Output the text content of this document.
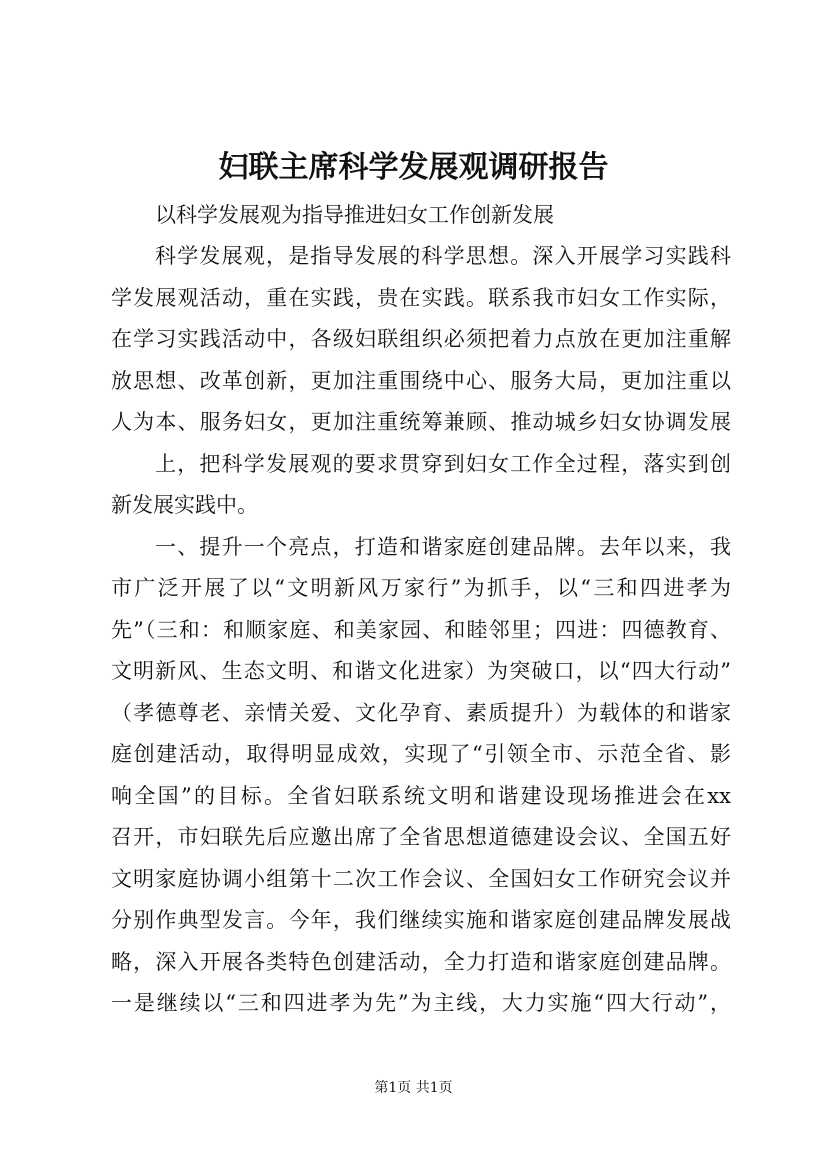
妇联主席科学发展观调研报告
以科学发展观为指导推进妇女工作创新发展
科学发展观，是指导发展的科学思想。深入开展学习实践科
学发展观活动，重在实践，贵在实践。联系我市妇女工作实际，
在学习实践活动中，各级妇联组织必须把着力点放在更加注重解
放思想、改革创新，更加注重围绕中心、服务大局，更加注重以
人为本、服务妇女，更加注重统筹兼顾、推动城乡妇女协调发展
上，把科学发展观的要求贯穿到妇女工作全过程，落实到创
新发展实践中。
一、提升一个亮点，打造和谐家庭创建品牌。去年以来，我
市广泛开展了以“文明新风万家行”为抓手，以“三和四进孝为
先”（三和：和顺家庭、和美家园、和睦邻里；四进：四德教育、
文明新风、生态文明、和谐文化进家）为突破口，以“四大行动”
（孝德尊老、亲情关爱、文化孕育、素质提升）为载体的和谐家
庭创建活动，取得明显成效，实现了“引领全市、示范全省、影
响全国”的目标。全省妇联系统文明和谐建设现场推进会在xx
召开，市妇联先后应邀出席了全省思想道德建设会议、全国五好
文明家庭协调小组第十二次工作会议、全国妇女工作研究会议并
分别作典型发言。今年，我们继续实施和谐家庭创建品牌发展战
略，深入开展各类特色创建活动，全力打造和谐家庭创建品牌。
一是继续以“三和四进孝为先”为主线，大力实施“四大行动”，
第1页 共1页
